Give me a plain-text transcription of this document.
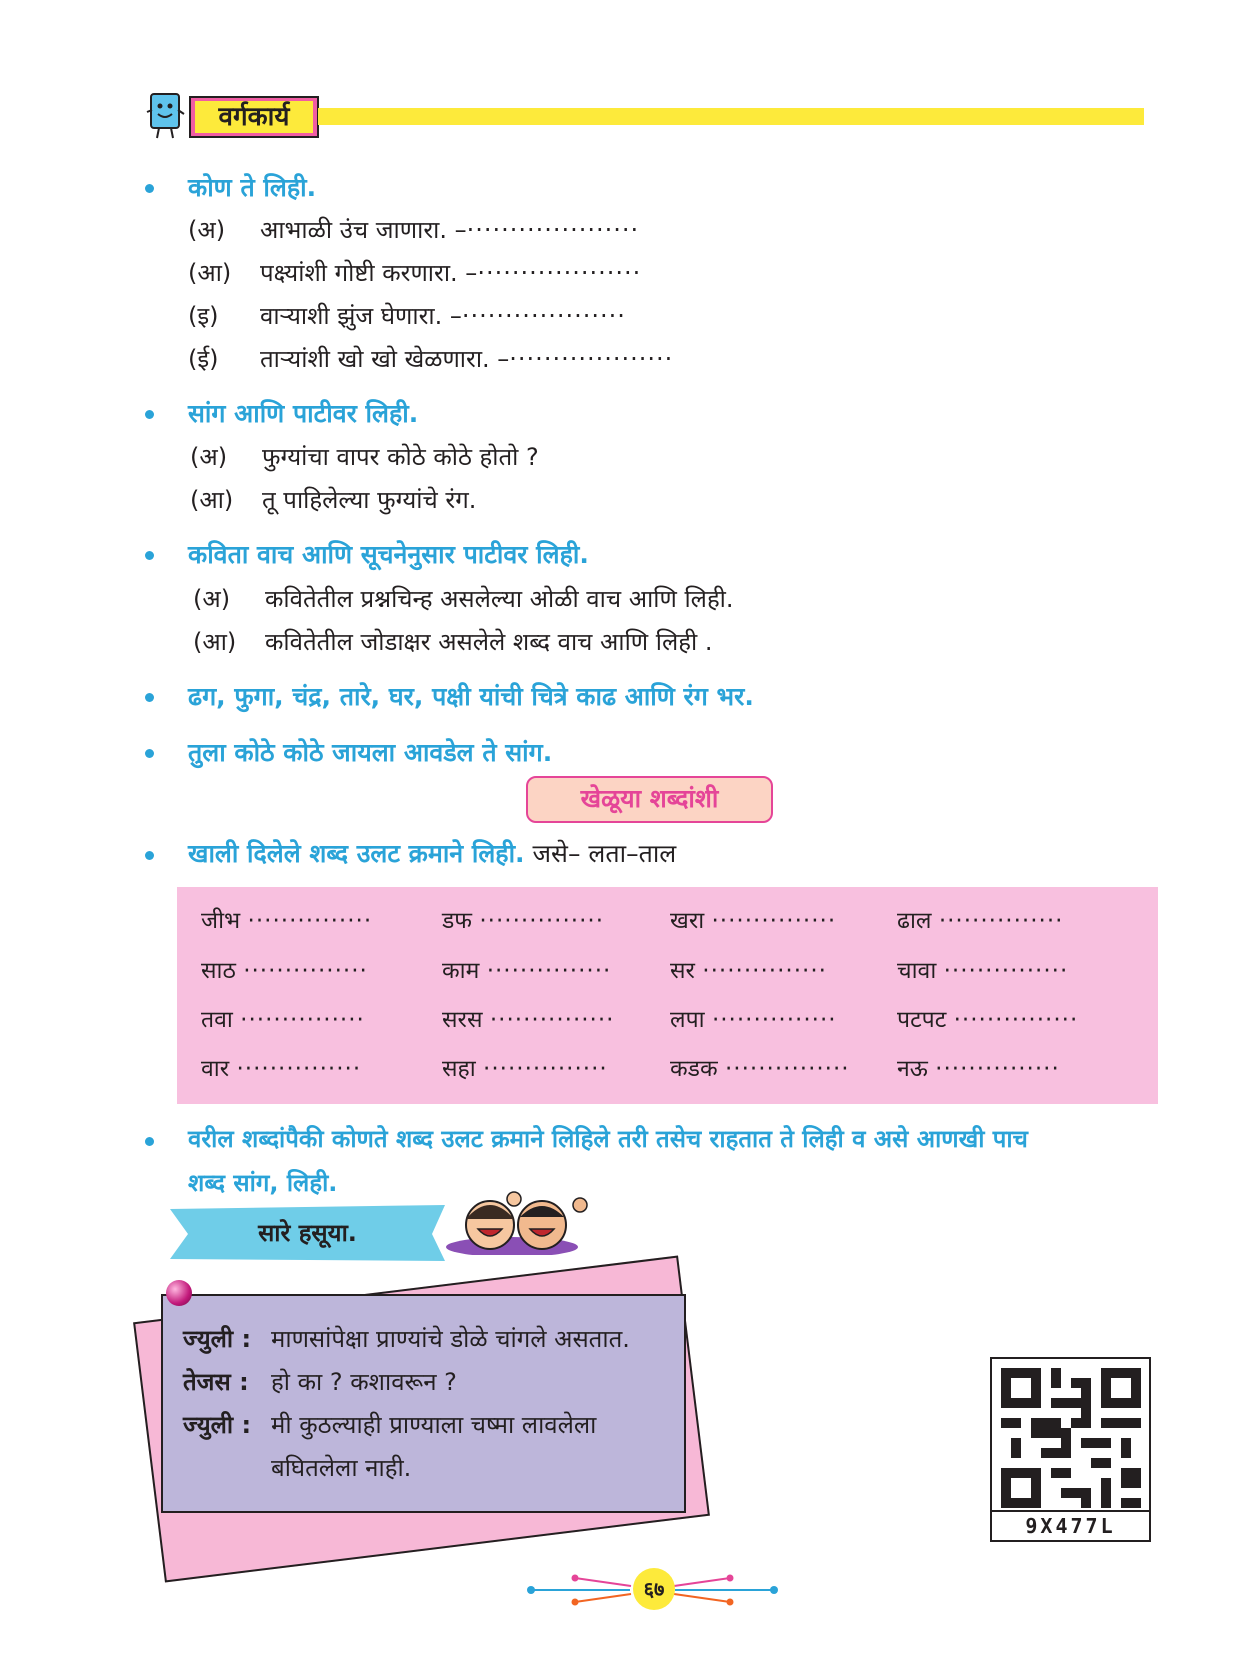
वर्गकार्य
कोण ते लिही.
(अ) आभाळी उंच जाणारा. –····················
(आ) पक्ष्यांशी गोष्टी करणारा. –···················
(इ) वाऱ्याशी झुंज घेणारा. –···················
(ई) ताऱ्यांशी खो खो खेळणारा. –···················
सांग आणि पाटीवर लिही.
(अ) फुग्यांचा वापर कोठे कोठे होतो ?
(आ) तू पाहिलेल्या फुग्यांचे रंग.
कविता वाच आणि सूचनेनुसार पाटीवर लिही.
(अ) कवितेतील प्रश्नचिन्ह असलेल्या ओळी वाच आणि लिही.
(आ) कवितेतील जोडाक्षर असलेले शब्द वाच आणि लिही .
ढग, फुगा, चंद्र, तारे, घर, पक्षी यांची चित्रे काढ आणि रंग भर.
तुला कोठे कोठे जायला आवडेल ते सांग.
खेळूया शब्दांशी
खाली दिलेले शब्द उलट क्रमाने लिही. जसे– लता–ताल
जीभ ···············	डफ ···············	खरा ···············	ढाल ···············
साठ ···············	काम ···············	सर ···············	चावा ···············
तवा ···············	सरस ··············· लपा ···············	पटपट ···············
वार ···············	सहा ···············	कडक ··············· नऊ ···············
वरील शब्दांपैकी कोणते शब्द उलट क्रमाने लिहिले तरी तसेच राहतात ते लिही व असे आणखी पाच
शब्द सांग, लिही.
सारे हसूया.
ज्युली : माणसांपेक्षा प्राण्यांचे डोळे चांगले असतात.
तेजस : हो का ? कशावरून ?
ज्युली : मी कुठल्याही प्राण्याला चष्मा लावलेला
बघितलेला नाही.
9X477L
६७
